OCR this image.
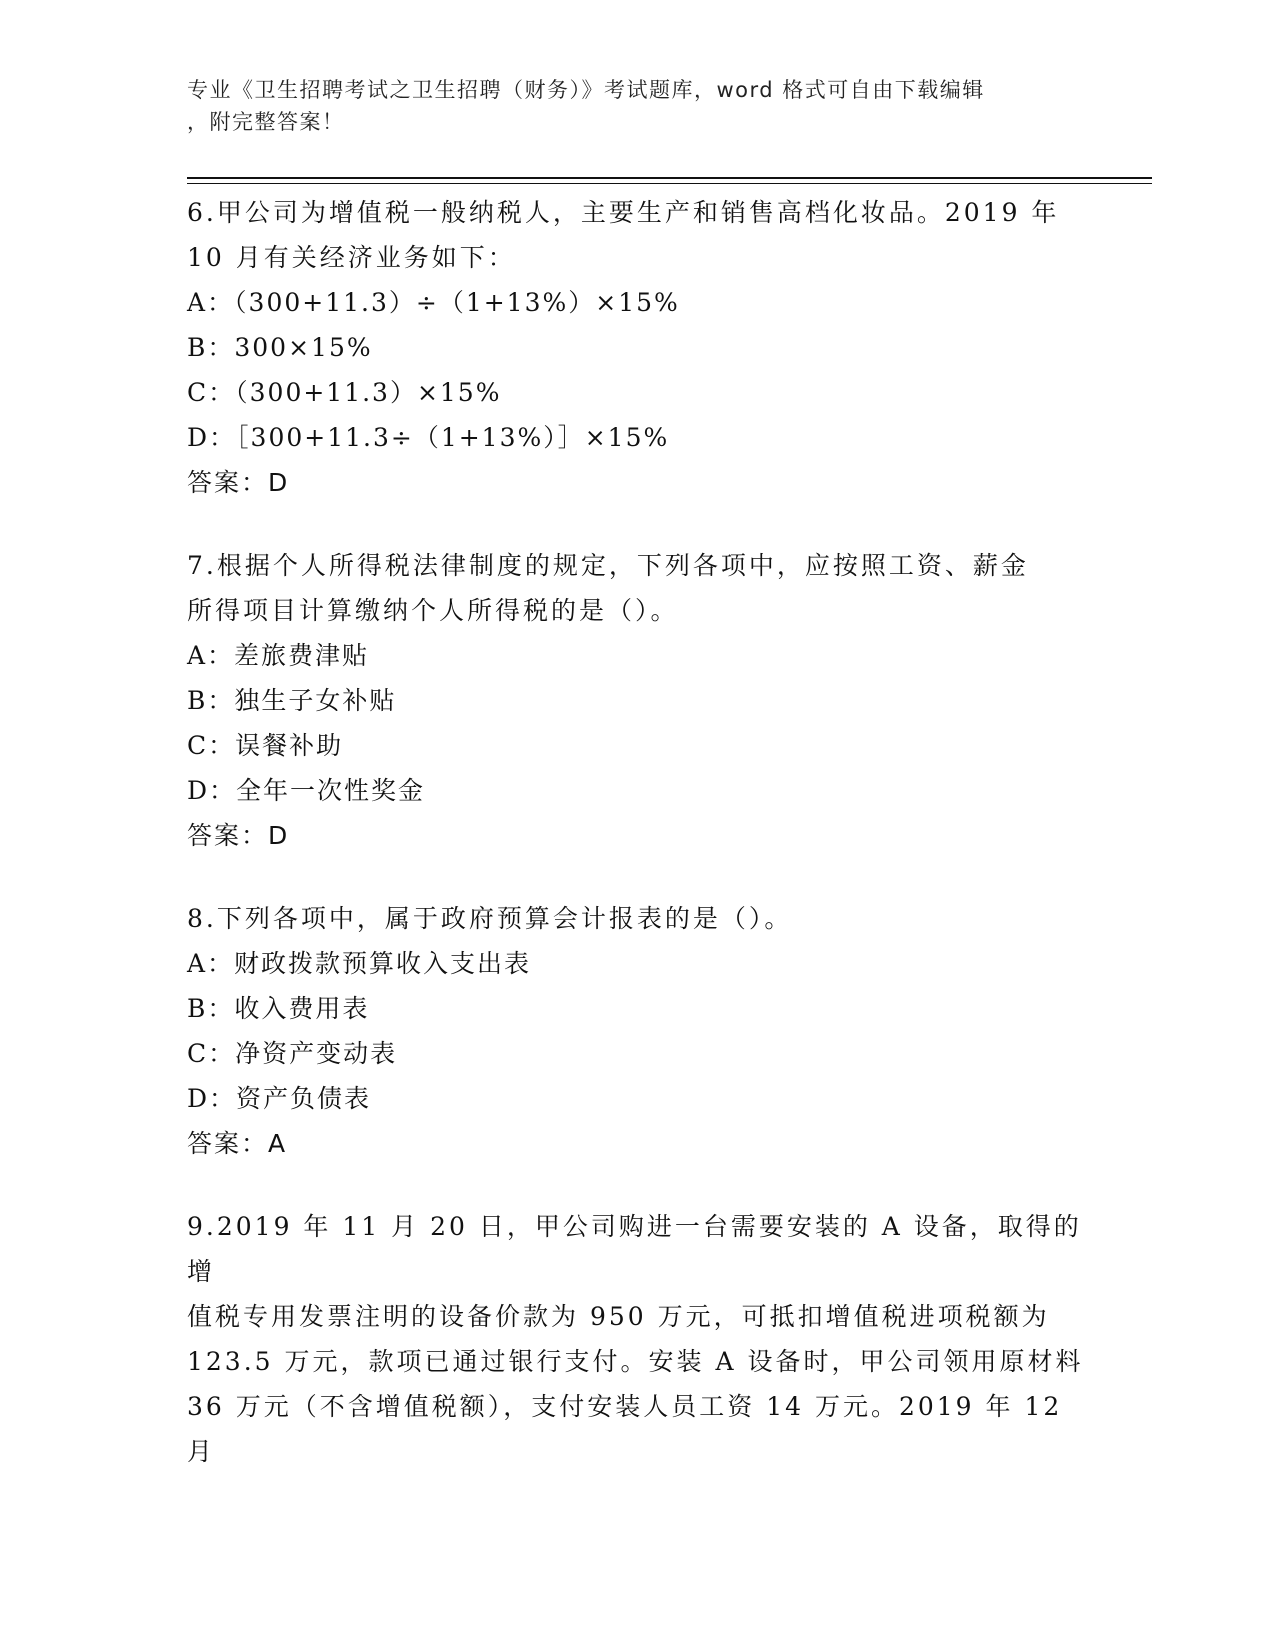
专业《卫生招聘考试之卫生招聘（财务）》考试题库，word 格式可自由下载编辑
，附完整答案！

6.甲公司为增值税一般纳税人，主要生产和销售高档化妆品。2019 年

10 月有关经济业务如下：

A：（300+11.3）÷（1+13%）×15%

B：300×15%

C：（300+11.3）×15%

D：［300+11.3÷（1+13%）］×15%

答案：D

7.根据个人所得税法律制度的规定，下列各项中，应按照工资、薪金

所得项目计算缴纳个人所得税的是（）。

A：差旅费津贴

B：独生子女补贴

C：误餐补助

D：全年一次性奖金

答案：D

8.下列各项中，属于政府预算会计报表的是（）。

A：财政拨款预算收入支出表

B：收入费用表

C：净资产变动表

D：资产负债表

答案：A

9.2019 年 11 月 20 日，甲公司购进一台需要安装的 A 设备，取得的增

值税专用发票注明的设备价款为 950 万元，可抵扣增值税进项税额为

123.5 万元，款项已通过银行支付。安装 A 设备时，甲公司领用原材料

36 万元（不含增值税额），支付安装人员工资 14 万元。2019 年 12 月
